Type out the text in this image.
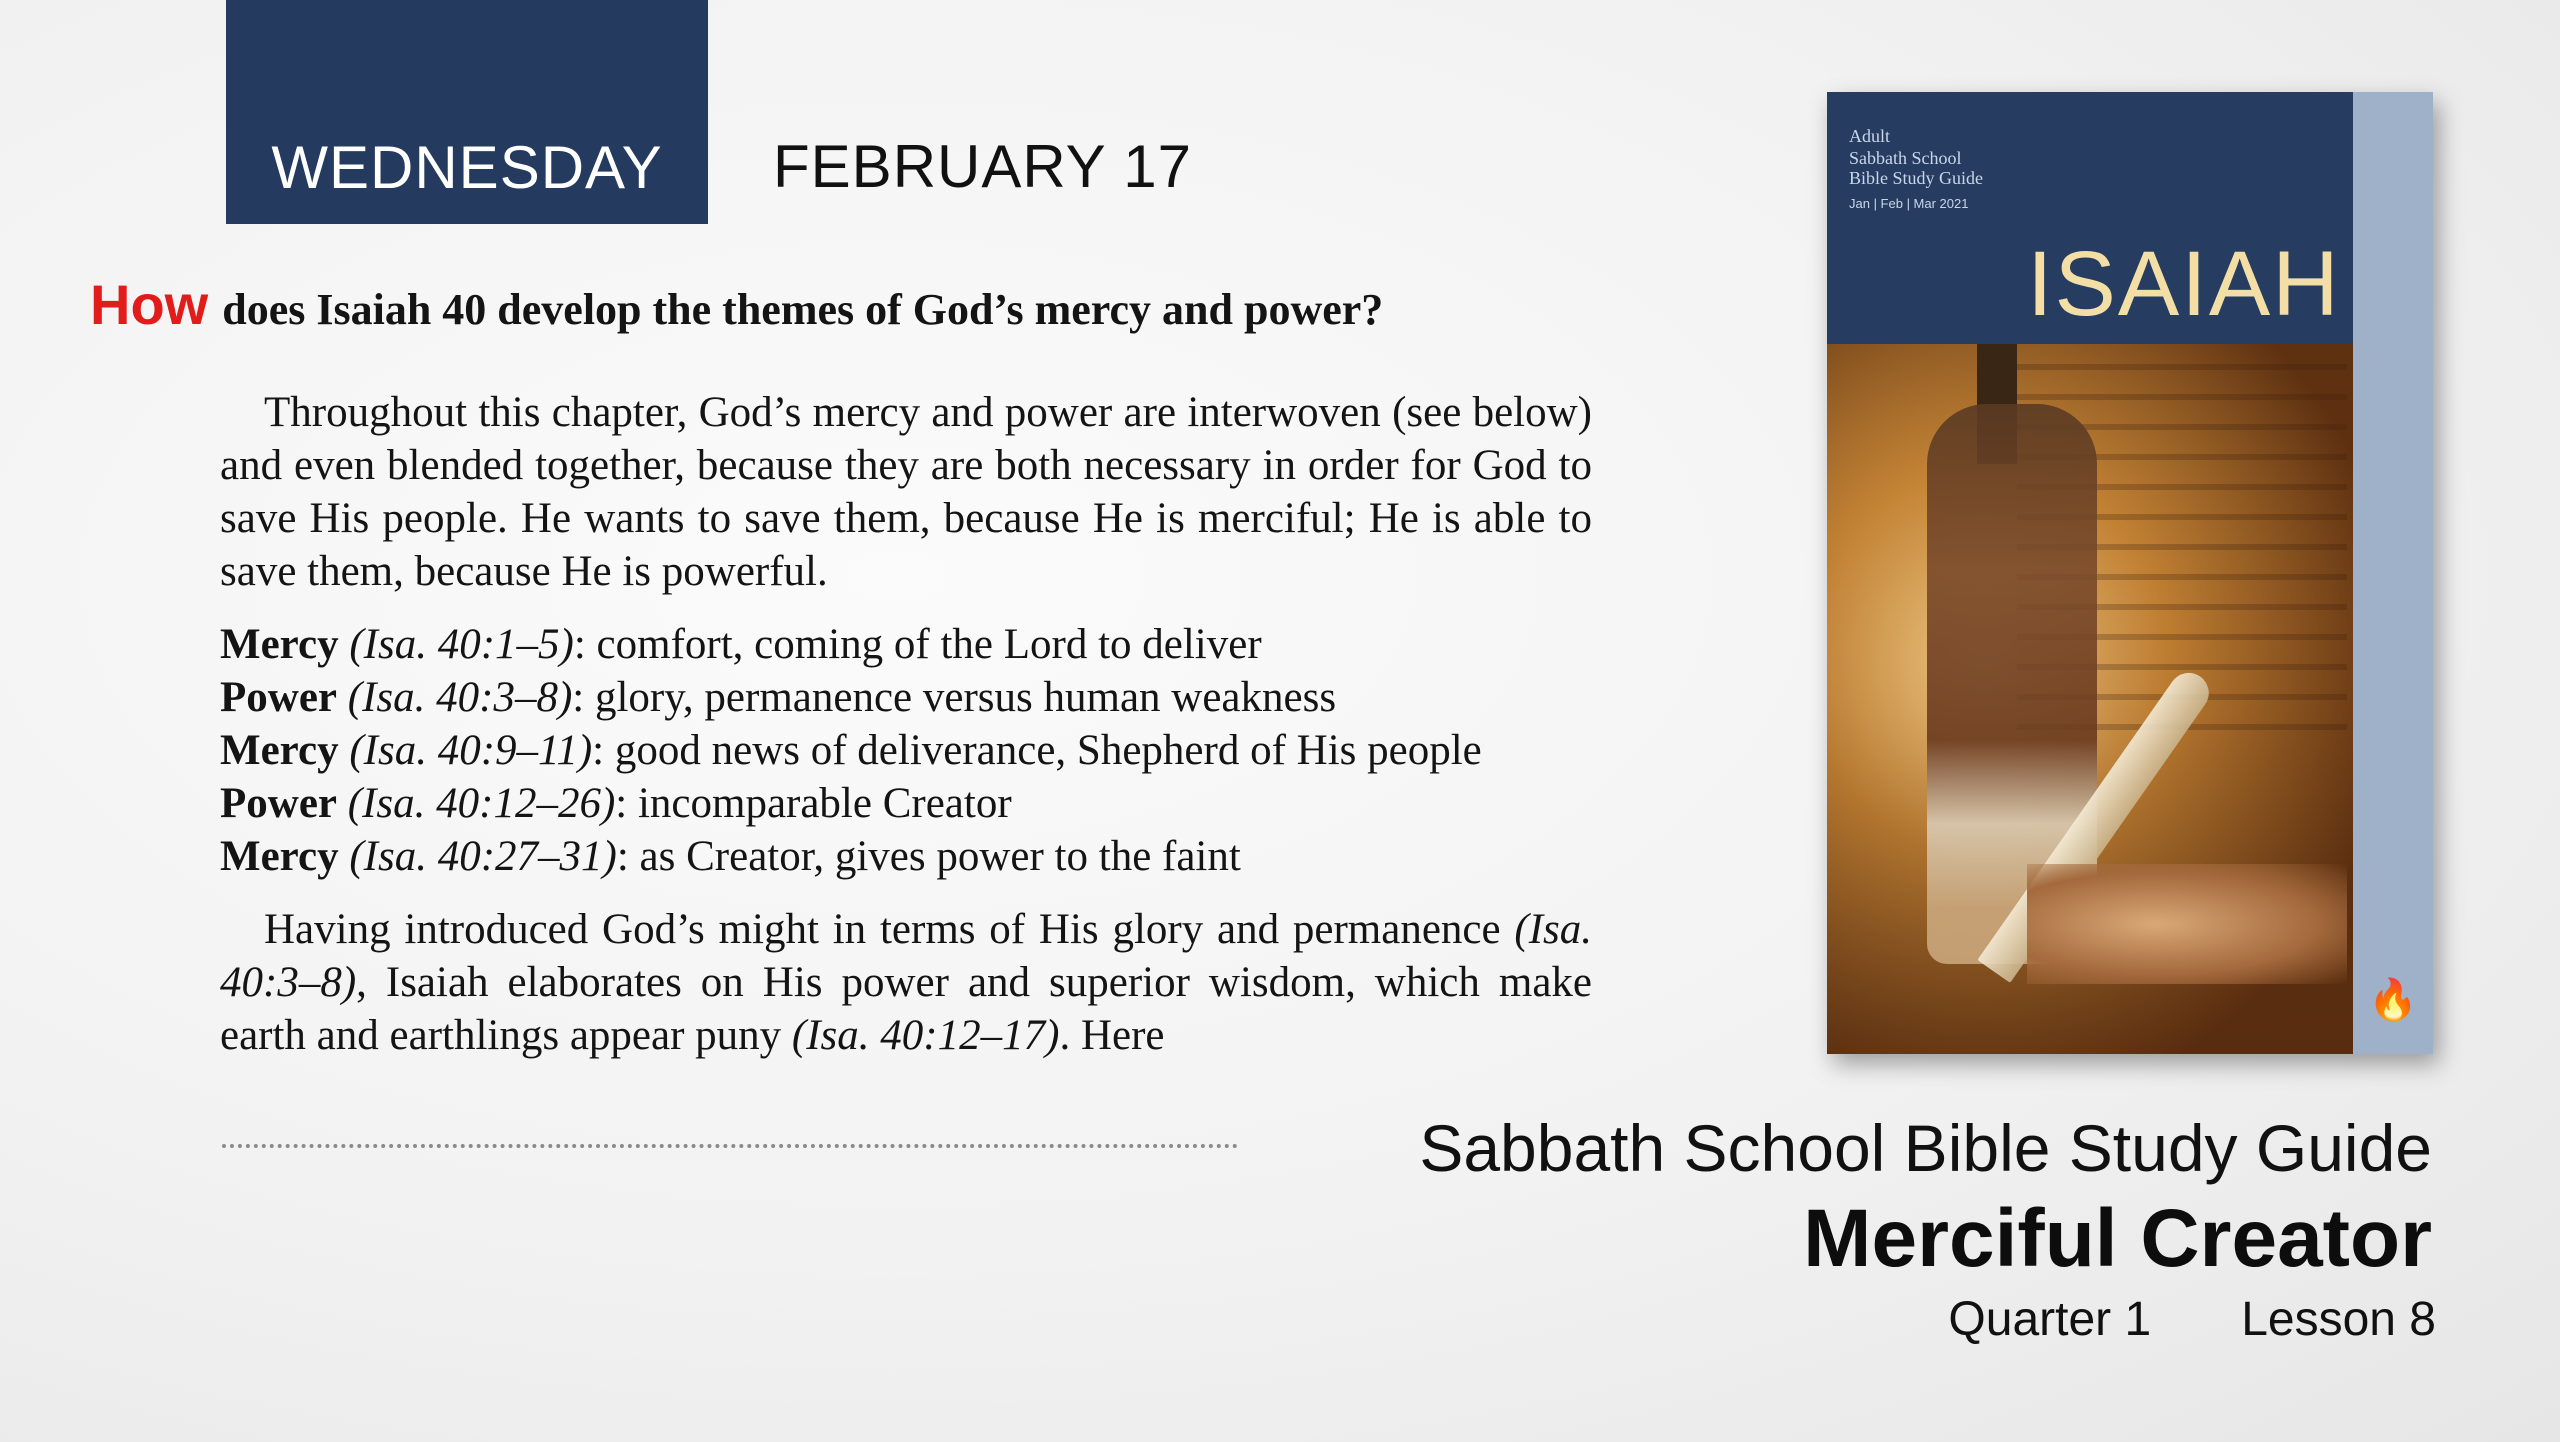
WEDNESDAY	FEBRUARY 17
How does Isaiah 40 develop the themes of God’s mercy and power?

Throughout this chapter, God’s mercy and power are interwoven (see below) and even blended together, because they are both necessary in order for God to save His people. He wants to save them, because He is merciful; He is able to save them, because He is powerful.

Mercy (Isa. 40:1–5): comfort, coming of the Lord to deliver
Power (Isa. 40:3–8): glory, permanence versus human weakness
Mercy (Isa. 40:9–11): good news of deliverance, Shepherd of His people
Power (Isa. 40:12–26): incomparable Creator
Mercy (Isa. 40:27–31): as Creator, gives power to the faint

Having introduced God’s might in terms of His glory and permanence (Isa. 40:3–8), Isaiah elaborates on His power and superior wisdom, which make earth and earthlings appear puny (Isa. 40:12–17). Here

Adult
Sabbath School
Bible Study Guide
Jan | Feb | Mar 2021
ISAIAH
🔥
Sabbath School Bible Study Guide
Merciful Creator
Quarter 1 Lesson 8
